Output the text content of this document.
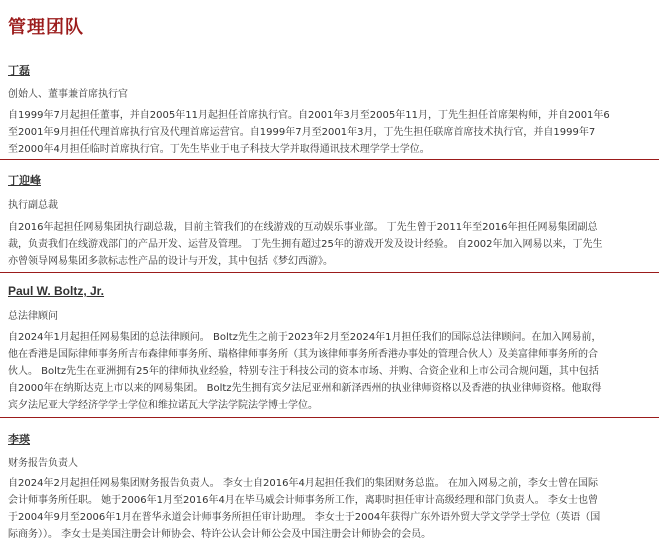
管理团队
丁磊
创始人、董事兼首席执行官
自1999年7月起担任董事，并自2005年11月起担任首席执行官。自2001年3月至2005年11月，丁先生担任首席架构师，并自2001年6
至2001年9月担任代理首席执行官及代理首席运营官。自1999年7月至2001年3月，丁先生担任联席首席技术执行官，并自1999年7
至2000年4月担任临时首席执行官。丁先生毕业于电子科技大学并取得通讯技术理学学士学位。
丁迎峰
执行副总裁
自2016年起担任网易集团执行副总裁，目前主管我们的在线游戏的互动娱乐事业部。 丁先生曾于2011年至2016年担任网易集团副总
裁，负责我们在线游戏部门的产品开发、运营及管理。 丁先生拥有超过25年的游戏开发及设计经验。 自2002年加入网易以来，丁先生
亦曾领导网易集团多款标志性产品的设计与开发，其中包括《梦幻西游》。
Paul W. Boltz, Jr.
总法律顾问
自2024年1月起担任网易集团的总法律顾问。 Boltz先生之前于2023年2月至2024年1月担任我们的国际总法律顾问。在加入网易前，
他在香港是国际律师事务所吉布森律师事务所、瑞格律师事务所（其为该律师事务所香港办事处的管理合伙人）及美富律师事务所的合
伙人。 Boltz先生在亚洲拥有25年的律师执业经验，特别专注于科技公司的资本市场、并购、合资企业和上市公司合规问题，其中包括
自2000年在纳斯达克上市以来的网易集团。 Boltz先生拥有宾夕法尼亚州和新泽西州的执业律师资格以及香港的执业律师资格。他取得
宾夕法尼亚大学经济学学士学位和维拉诺瓦大学法学院法学博士学位。
李瑛
财务报告负责人
自2024年2月起担任网易集团财务报告负责人。 李女士自2016年4月起担任我们的集团财务总监。 在加入网易之前，李女士曾在国际
会计师事务所任职。 她于2006年1月至2016年4月在毕马威会计师事务所工作，离职时担任审计高级经理和部门负责人。 李女士也曾
于2004年9月至2006年1月在普华永道会计师事务所担任审计助理。 李女士于2004年获得广东外语外贸大学文学学士学位（英语（国
际商务））。 李女士是美国注册会计师协会、特许公认会计师公会及中国注册会计师协会的会员。
